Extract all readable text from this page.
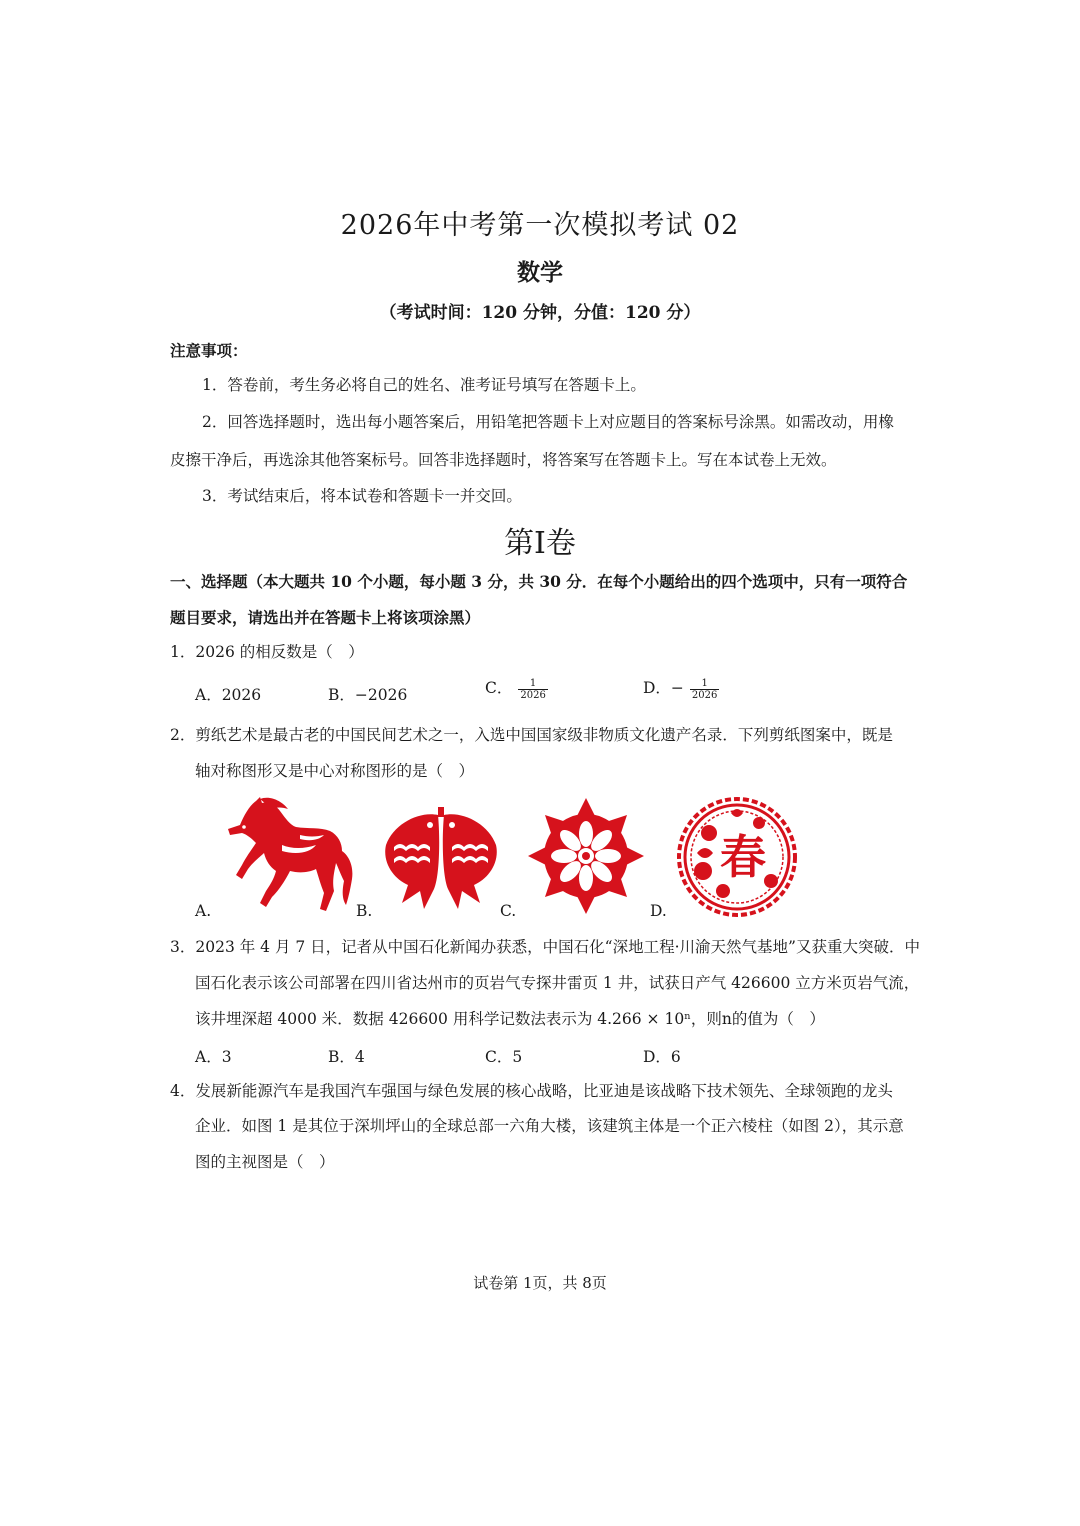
2026年中考第一次模拟考试 02
数学
（考试时间：120 分钟，分值：120 分）
注意事项：
1．答卷前，考生务必将自己的姓名、准考证号填写在答题卡上。
2．回答选择题时，选出每小题答案后，用铅笔把答题卡上对应题目的答案标号涂黑。如需改动，用橡
皮擦干净后，再选涂其他答案标号。回答非选择题时，将答案写在答题卡上。写在本试卷上无效。
3．考试结束后，将本试卷和答题卡一并交回。
第I卷
一、选择题（本大题共 10 个小题，每小题 3 分，共 30 分．在每个小题给出的四个选项中，只有一项符合
题目要求，请选出并在答题卡上将该项涂黑）
1．2026 的相反数是（　）
A．2026	B．−2026	C． $\frac{1}{2026}$	D．− $\frac{1}{2026}$
2．剪纸艺术是最古老的中国民间艺术之一，入选中国国家级非物质文化遗产名录．下列剪纸图案中，既是
轴对称图形又是中心对称图形的是（　）
春
A.	B.	C.	D.
3．2023 年 4 月 7 日，记者从中国石化新闻办获悉，中国石化“深地工程·川渝天然气基地”又获重大突破．中
国石化表示该公司部署在四川省达州市的页岩气专探井雷页 1 井，试获日产气 426600 立方米页岩气流，
该井埋深超 4000 米．数据 426600 用科学记数法表示为 4.266 × 10ⁿ，则n的值为（　）
A．3	B．4	C．5	D．6
4．发展新能源汽车是我国汽车强国与绿色发展的核心战略，比亚迪是该战略下技术领先、全球领跑的龙头
企业．如图 1 是其位于深圳坪山的全球总部一六角大楼，该建筑主体是一个正六棱柱（如图 2），其示意
图的主视图是（　）
试卷第 1页，共 8页
